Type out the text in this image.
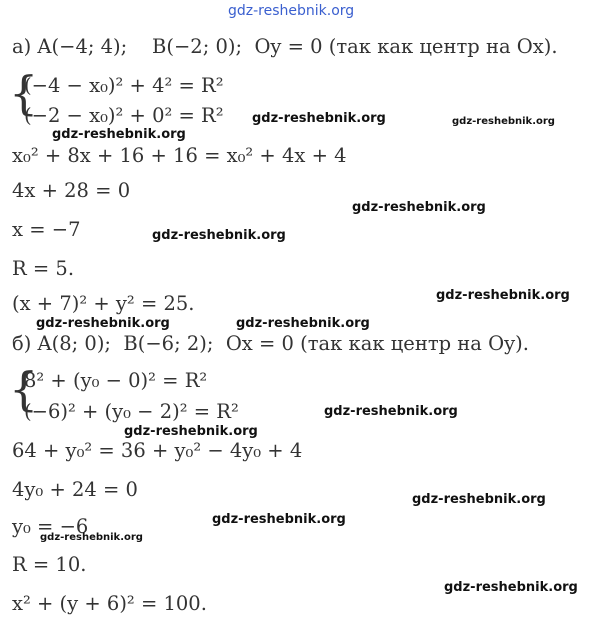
а) A(−4; 4);    B(−2; 0);  Oy = 0 (так как центр на Ox).
{
(−4 − x₀)² + 4² = R²
(−2 − x₀)² + 0² = R²
x₀² + 8x + 16 + 16 = x₀² + 4x + 4
4x + 28 = 0
x = −7
R = 5.
(x + 7)² + y² = 25.
б) A(8; 0);  B(−6; 2);  Ox = 0 (так как центр на Oy).
{
8² + (y₀ − 0)² = R²
(−6)² + (y₀ − 2)² = R²
64 + y₀² = 36 + y₀² − 4y₀ + 4
4y₀ + 24 = 0
y₀ = −6
R = 10.
x² + (y + 6)² = 100.
gdz-reshebnik.org
gdz-reshebnik.org
gdz-reshebnik.org	gdz-reshebnik.org
gdz-reshebnik.org
gdz-reshebnik.org
gdz-reshebnik.org
gdz-reshebnik.org	gdz-reshebnik.org
gdz-reshebnik.org
gdz-reshebnik.org
gdz-reshebnik.org
gdz-reshebnik.org
gdz-reshebnik.org
gdz-reshebnik.org
